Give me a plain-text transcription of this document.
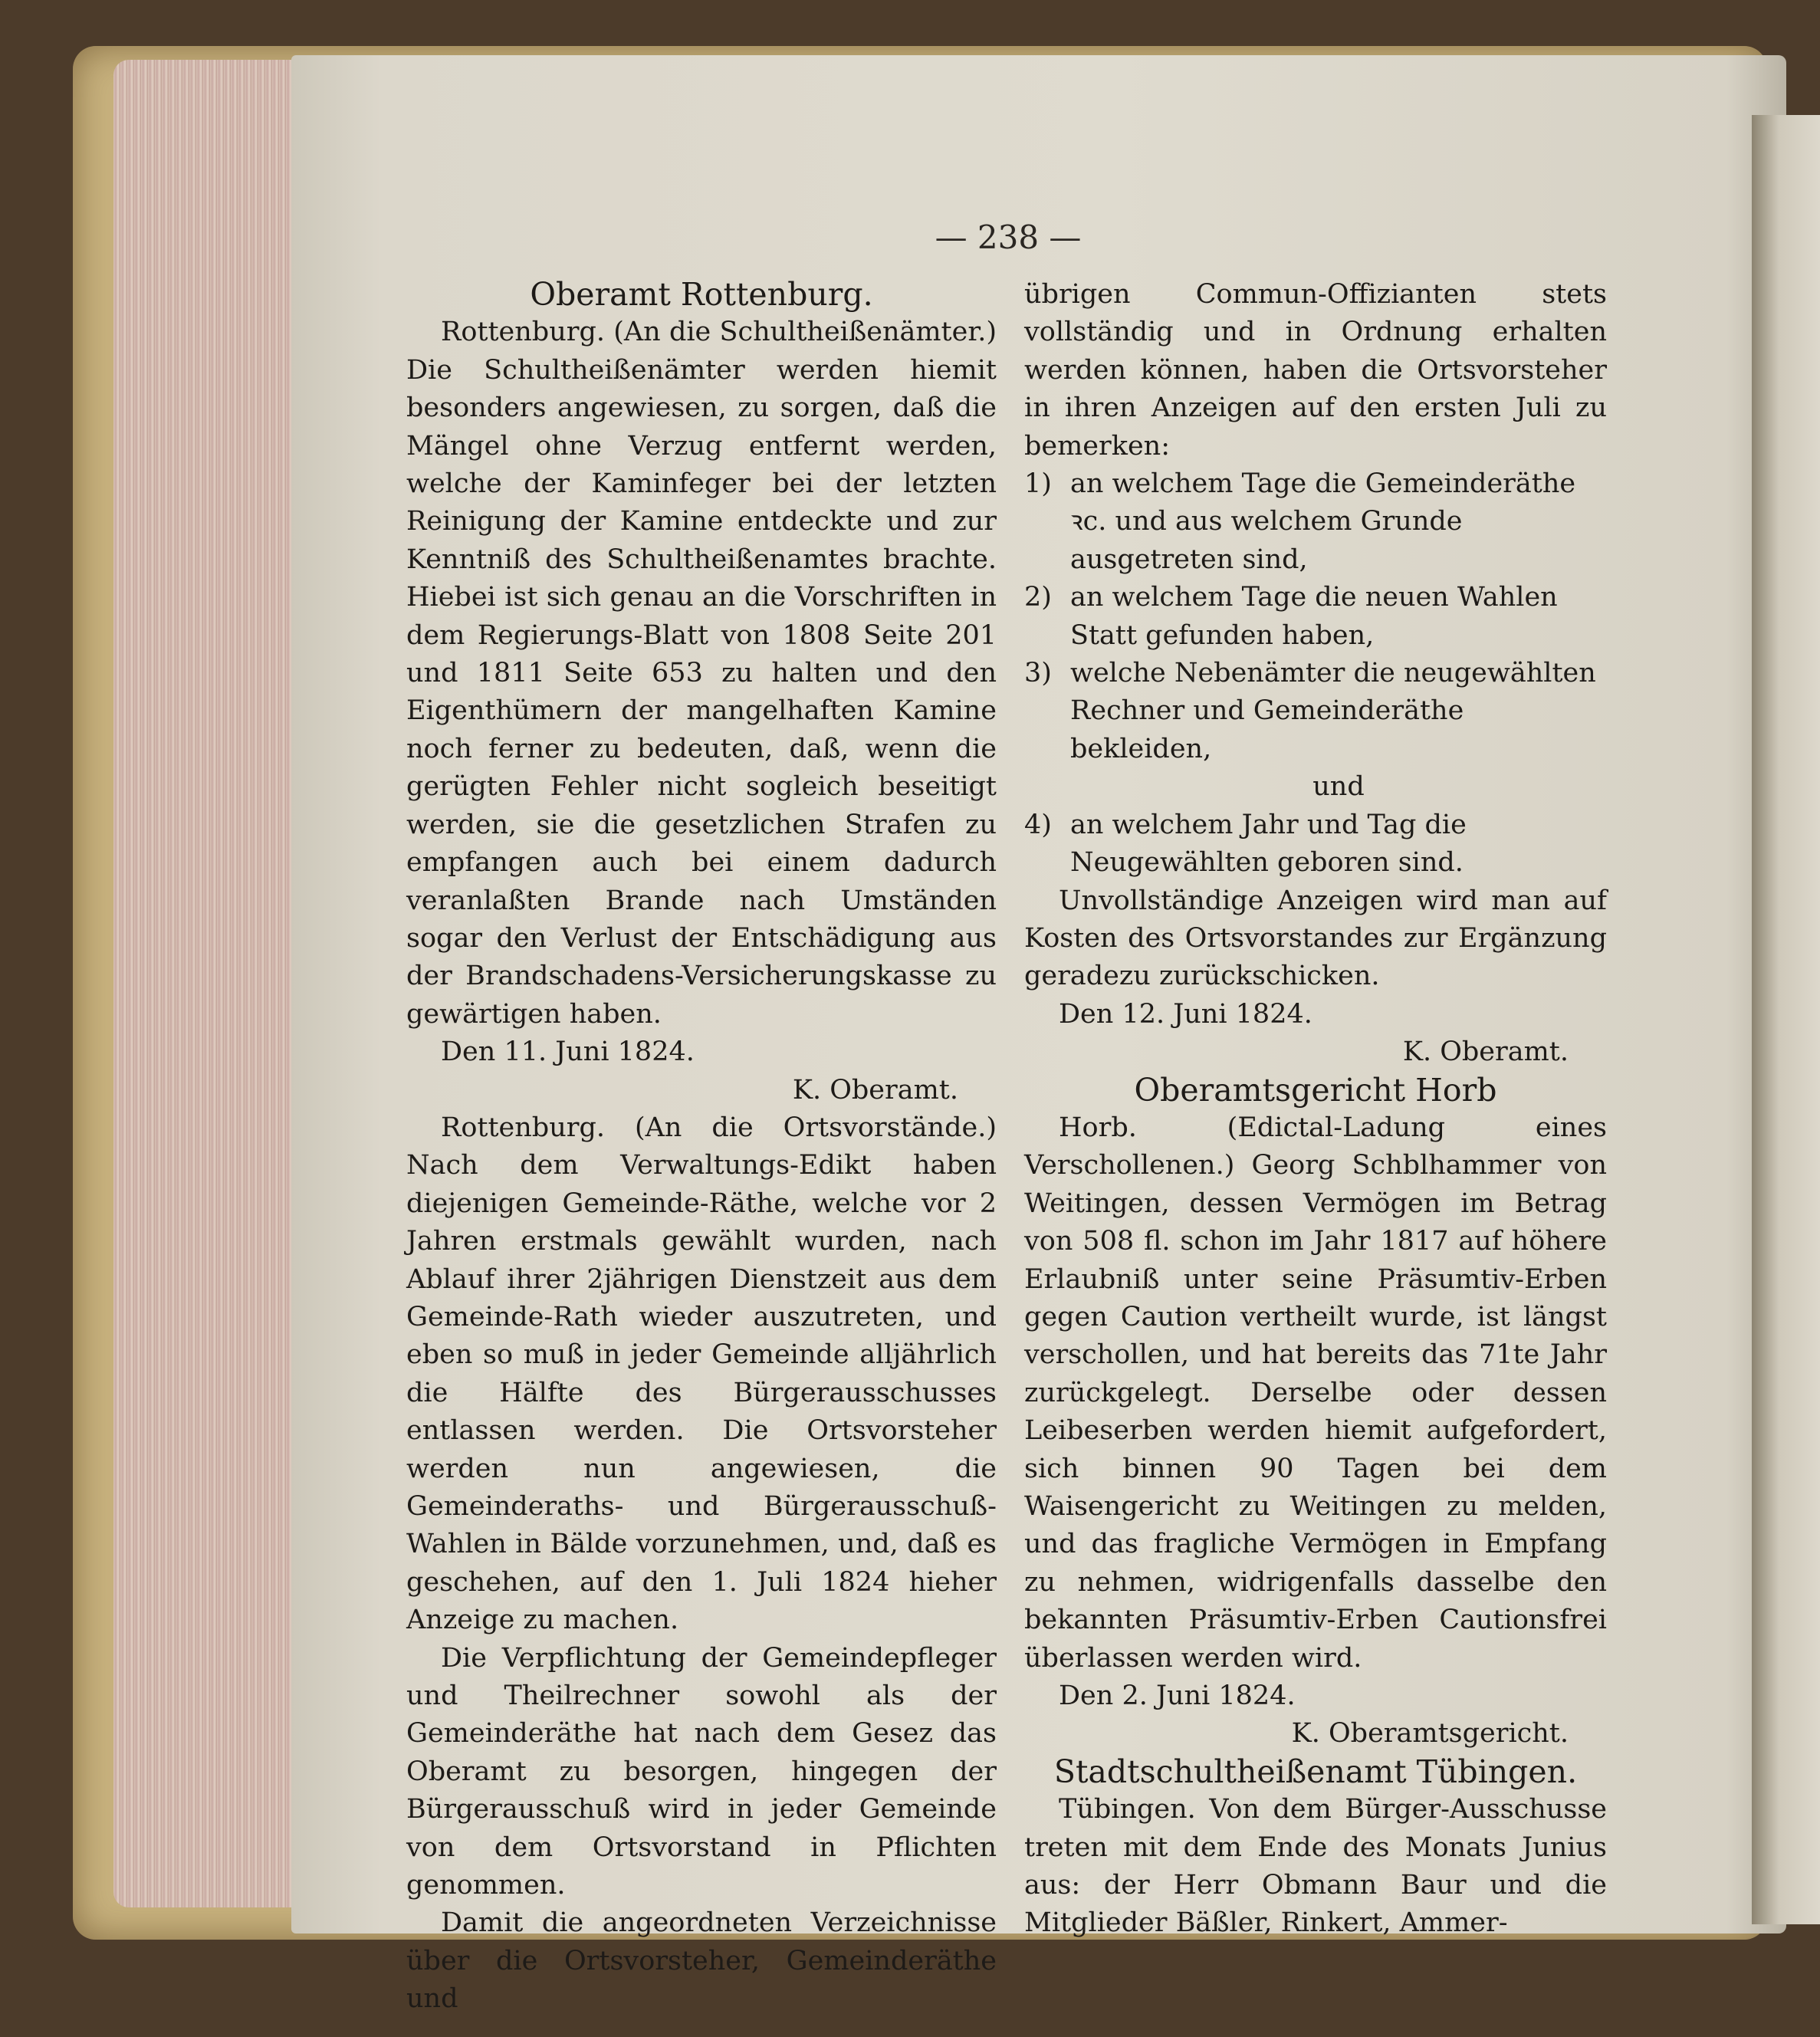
— 238 —

Oberamt Rottenburg.

Rottenburg. (An die Schultheißenämter.) Die Schultheißenämter werden hiemit besonders angewiesen, zu sorgen, daß die Mängel ohne Verzug entfernt werden, welche der Kaminfeger bei der letzten Reinigung der Kamine entdeckte und zur Kenntniß des Schultheißenamtes brachte. Hiebei ist sich genau an die Vorschriften in dem Regierungs-Blatt von 1808 Seite 201 und 1811 Seite 653 zu halten und den Eigenthümern der mangelhaften Kamine noch ferner zu bedeuten, daß, wenn die gerügten Fehler nicht sogleich beseitigt werden, sie die gesetzlichen Strafen zu empfangen auch bei einem dadurch veranlaßten Brande nach Umständen sogar den Verlust der Entschädigung aus der Brandschadens-Versicherungskasse zu gewärtigen haben.

Den 11. Juni 1824.

K. Oberamt.

Rottenburg. (An die Ortsvorstände.) Nach dem Verwaltungs-Edikt haben diejenigen Gemeinde-Räthe, welche vor 2 Jahren erstmals gewählt wurden, nach Ablauf ihrer 2jährigen Dienstzeit aus dem Gemeinde-Rath wieder auszutreten, und eben so muß in jeder Gemeinde alljährlich die Hälfte des Bürgerausschusses entlassen werden. Die Ortsvorsteher werden nun angewiesen, die Gemeinderaths- und Bürgerausschuß-Wahlen in Bälde vorzunehmen, und, daß es geschehen, auf den 1. Juli 1824 hieher Anzeige zu machen.

Die Verpflichtung der Gemeindepfleger und Theilrechner sowohl als der Gemeinderäthe hat nach dem Gesez das Oberamt zu besorgen, hingegen der Bürgerausschuß wird in jeder Gemeinde von dem Ortsvorstand in Pflichten genommen.

Damit die angeordneten Verzeichnisse über die Ortsvorsteher, Gemeinderäthe und

übrigen Commun-Offizianten stets vollständig und in Ordnung erhalten werden können, haben die Ortsvorsteher in ihren Anzeigen auf den ersten Juli zu bemerken:

1) an welchem Tage die Gemeinderäthe ꝛc. und aus welchem Grunde ausgetreten sind,
2) an welchem Tage die neuen Wahlen Statt gefunden haben,
3) welche Nebenämter die neugewählten Rechner und Gemeinderäthe bekleiden,
und
4) an welchem Jahr und Tag die Neugewählten geboren sind.

Unvollständige Anzeigen wird man auf Kosten des Ortsvorstandes zur Ergänzung geradezu zurückschicken.

Den 12. Juni 1824.

K. Oberamt.

Oberamtsgericht Horb

Horb. (Edictal-Ladung eines Verschollenen.) Georg Schblhammer von Weitingen, dessen Vermögen im Betrag von 508 fl. schon im Jahr 1817 auf höhere Erlaubniß unter seine Präsumtiv-Erben gegen Caution vertheilt wurde, ist längst verschollen, und hat bereits das 71te Jahr zurückgelegt. Derselbe oder dessen Leibeserben werden hiemit aufgefordert, sich binnen 90 Tagen bei dem Waisengericht zu Weitingen zu melden, und das fragliche Vermögen in Empfang zu nehmen, widrigenfalls dasselbe den bekannten Präsumtiv-Erben Cautionsfrei überlassen werden wird.

Den 2. Juni 1824.

K. Oberamtsgericht.

Stadtschultheißenamt Tübingen.

Tübingen. Von dem Bürger-Ausschusse treten mit dem Ende des Monats Junius aus: der Herr Obmann Baur und die Mitglieder Bäßler, Rinkert, Ammer-
